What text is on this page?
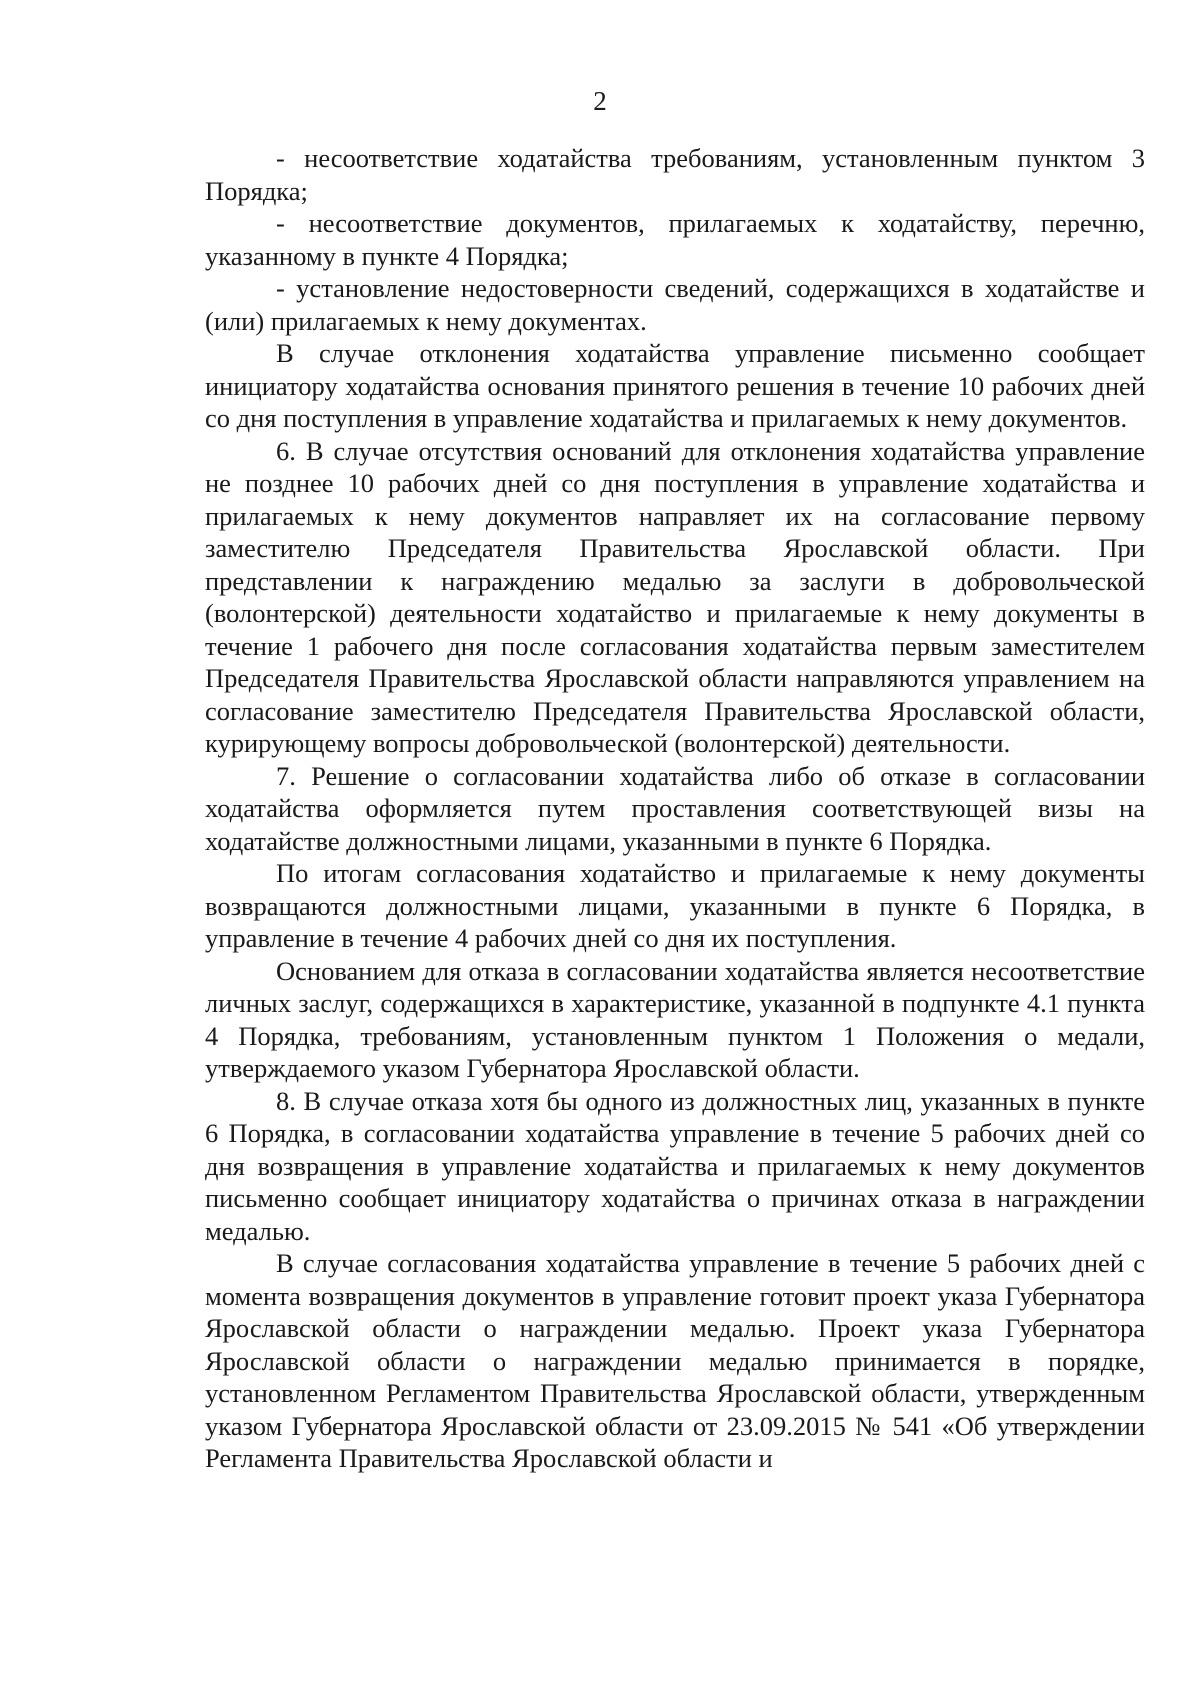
2

- несоответствие ходатайства требованиям, установленным пунктом 3 Порядка;

- несоответствие документов, прилагаемых к ходатайству, перечню, указанному в пункте 4 Порядка;

- установление недостоверности сведений, содержащихся в ходатайстве и (или) прилагаемых к нему документах.

В случае отклонения ходатайства управление письменно сообщает инициатору ходатайства основания принятого решения в течение 10 рабочих дней со дня поступления в управление ходатайства и прилагаемых к нему документов.

6. В случае отсутствия оснований для отклонения ходатайства управление не позднее 10 рабочих дней со дня поступления в управление ходатайства и прилагаемых к нему документов направляет их на согласование первому заместителю Председателя Правительства Ярославской области. При представлении к награждению медалью за заслуги в добровольческой (волонтерской) деятельности ходатайство и прилагаемые к нему документы в течение 1 рабочего дня после согласования ходатайства первым заместителем Председателя Правительства Ярославской области направляются управлением на согласование заместителю Председателя Правительства Ярославской области, курирующему вопросы добровольческой (волонтерской) деятельности.

7. Решение о согласовании ходатайства либо об отказе в согласовании ходатайства оформляется путем проставления соответствующей визы на ходатайстве должностными лицами, указанными в пункте 6 Порядка.

По итогам согласования ходатайство и прилагаемые к нему документы возвращаются должностными лицами, указанными в пункте 6 Порядка, в управление в течение 4 рабочих дней со дня их поступления.

Основанием для отказа в согласовании ходатайства является несоответствие личных заслуг, содержащихся в характеристике, указанной в подпункте 4.1 пункта 4 Порядка, требованиям, установленным пунктом 1 Положения о медали, утверждаемого указом Губернатора Ярославской области.

8. В случае отказа хотя бы одного из должностных лиц, указанных в пункте 6 Порядка, в согласовании ходатайства управление в течение 5 рабочих дней со дня возвращения в управление ходатайства и прилагаемых к нему документов письменно сообщает инициатору ходатайства о причинах отказа в награждении медалью.

В случае согласования ходатайства управление в течение 5 рабочих дней с момента возвращения документов в управление готовит проект указа Губернатора Ярославской области о награждении медалью. Проект указа Губернатора Ярославской области о награждении медалью принимается в порядке, установленном Регламентом Правительства Ярославской области, утвержденным указом Губернатора Ярославской области от 23.09.2015 № 541 «Об утверждении Регламента Правительства Ярославской области и
